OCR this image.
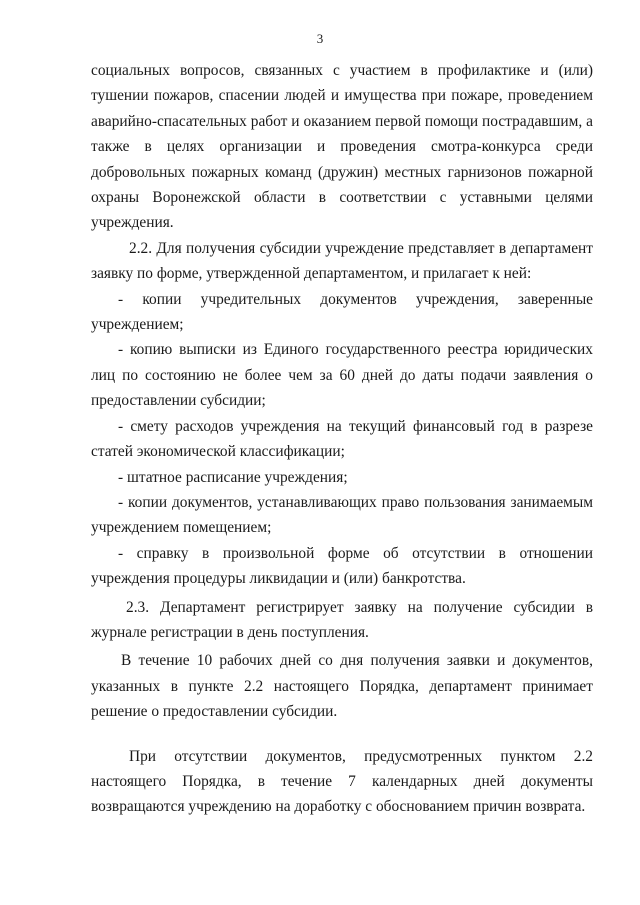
3

социальных вопросов, связанных с участием в профилактике и (или) тушении пожаров, спасении людей и имущества при пожаре, проведением аварийно-спасательных работ и оказанием первой помощи пострадавшим, а также в целях организации и проведения смотра-конкурса среди добровольных пожарных команд (дружин) местных гарнизонов пожарной охраны Воронежской области в соответствии с уставными целями учреждения.

2.2. Для получения субсидии учреждение представляет в департамент заявку по форме, утвержденной департаментом, и прилагает к ней:

- копии учредительных документов учреждения, заверенные учреждением;

- копию выписки из Единого государственного реестра юридических лиц по состоянию не более чем за 60 дней до даты подачи заявления о предоставлении субсидии;

- смету расходов учреждения на текущий финансовый год в разрезе статей экономической классификации;

- штатное расписание учреждения;

- копии документов, устанавливающих право пользования занимаемым учреждением помещением;

- справку в произвольной форме об отсутствии в отношении учреждения процедуры ликвидации и (или) банкротства.

2.3. Департамент регистрирует заявку на получение субсидии в журнале регистрации в день поступления.

В течение 10 рабочих дней со дня получения заявки и документов, указанных в пункте 2.2 настоящего Порядка, департамент принимает решение о предоставлении субсидии.

При отсутствии документов, предусмотренных пунктом 2.2 настоящего Порядка, в течение 7 календарных дней документы возвращаются учреждению на доработку с обоснованием причин возврата.
